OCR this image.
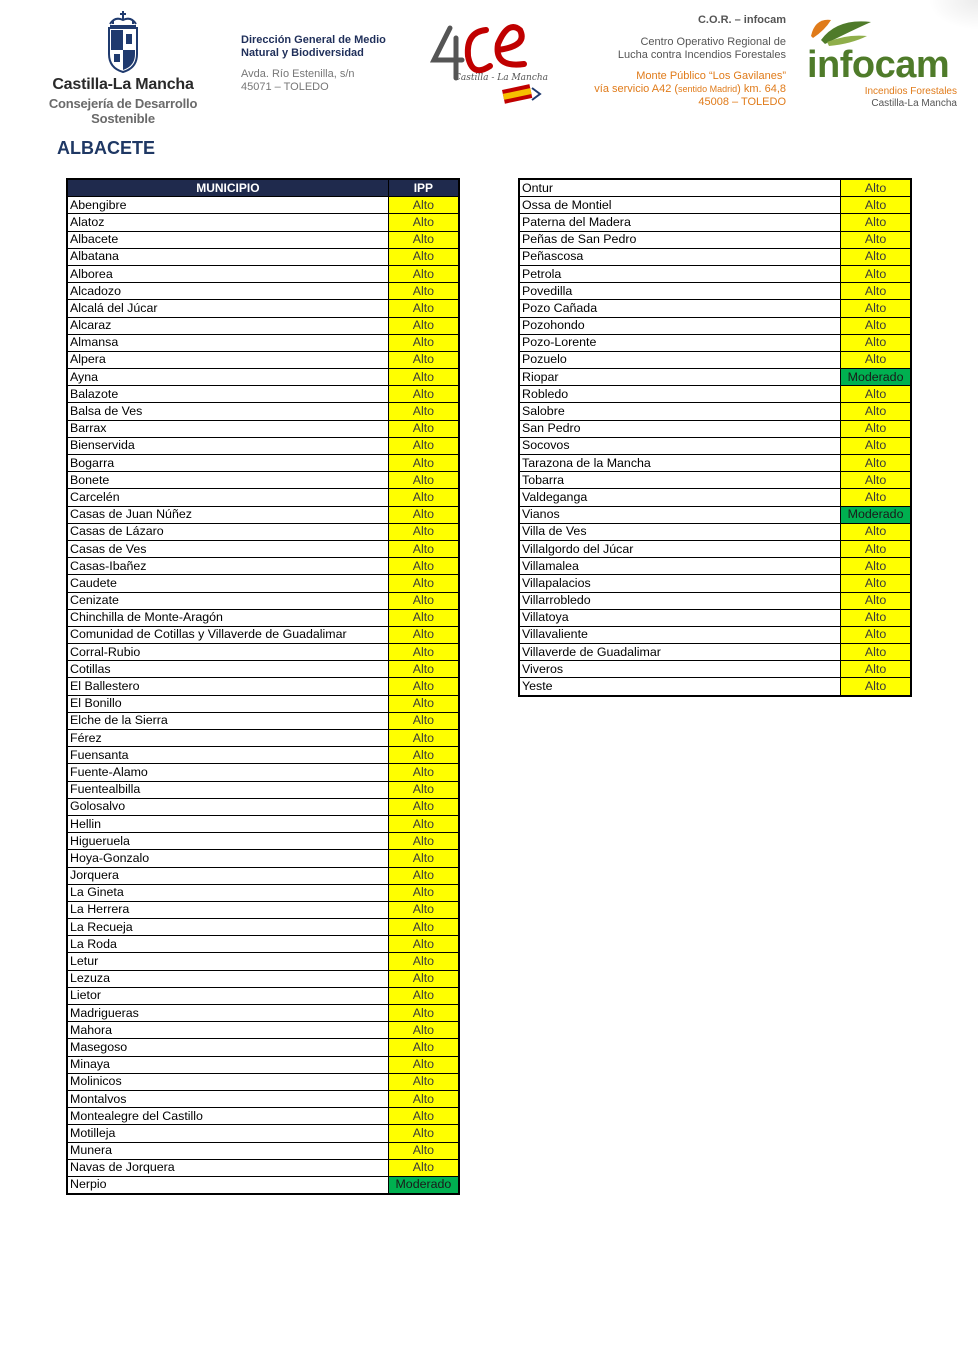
Castilla-La Mancha
Consejería de Desarrollo Sostenible
Dirección General de Medio Natural y Biodiversidad
Avda. Río Estenilla, s/n
45071 – TOLEDO
Castilla - La Mancha
C.O.R. – infocam
Centro Operativo Regional de
Lucha contra Incendios Forestales
Monte Público “Los Gavilanes”
vía servicio A42 (sentido Madrid) km. 64,8
45008 – TOLEDO
infocam
Incendios Forestales
Castilla-La Mancha
ALBACETE
MUNICIPIO	IPP
Abengibre	Alto
Alatoz	Alto
Albacete	Alto
Albatana	Alto
Alborea	Alto
Alcadozo	Alto
Alcalá del Júcar	Alto
Alcaraz	Alto
Almansa	Alto
Alpera	Alto
Ayna	Alto
Balazote	Alto
Balsa de Ves	Alto
Barrax	Alto
Bienservida	Alto
Bogarra	Alto
Bonete	Alto
Carcelén	Alto
Casas de Juan Núñez	Alto
Casas de Lázaro	Alto
Casas de Ves	Alto
Casas-Ibañez	Alto
Caudete	Alto
Cenizate	Alto
Chinchilla de Monte-Aragón	Alto
Comunidad de Cotillas y Villaverde de Guadalimar	Alto
Corral-Rubio	Alto
Cotillas	Alto
El Ballestero	Alto
El Bonillo	Alto
Elche de la Sierra	Alto
Férez	Alto
Fuensanta	Alto
Fuente-Alamo	Alto
Fuentealbilla	Alto
Golosalvo	Alto
Hellin	Alto
Higueruela	Alto
Hoya-Gonzalo	Alto
Jorquera	Alto
La Gineta	Alto
La Herrera	Alto
La Recueja	Alto
La Roda	Alto
Letur	Alto
Lezuza	Alto
Lietor	Alto
Madrigueras	Alto
Mahora	Alto
Masegoso	Alto
Minaya	Alto
Molinicos	Alto
Montalvos	Alto
Montealegre del Castillo	Alto
Motilleja	Alto
Munera	Alto
Navas de Jorquera	Alto
Nerpio	Moderado
Ontur	Alto
Ossa de Montiel	Alto
Paterna del Madera	Alto
Peñas de San Pedro	Alto
Peñascosa	Alto
Petrola	Alto
Povedilla	Alto
Pozo Cañada	Alto
Pozohondo	Alto
Pozo-Lorente	Alto
Pozuelo	Alto
Riopar	Moderado
Robledo	Alto
Salobre	Alto
San Pedro	Alto
Socovos	Alto
Tarazona de la Mancha	Alto
Tobarra	Alto
Valdeganga	Alto
Vianos	Moderado
Villa de Ves	Alto
Villalgordo del Júcar	Alto
Villamalea	Alto
Villapalacios	Alto
Villarrobledo	Alto
Villatoya	Alto
Villavaliente	Alto
Villaverde de Guadalimar	Alto
Viveros	Alto
Yeste	Alto
